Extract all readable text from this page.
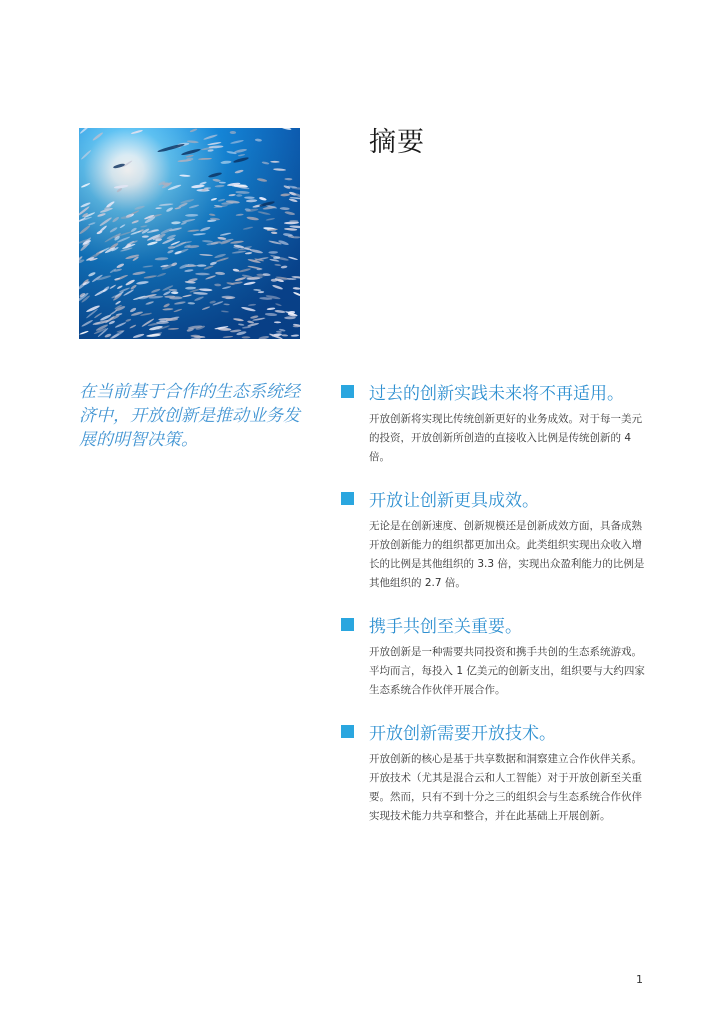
摘要

在当前基于合作的生态系统经济中，开放创新是推动业务发展的明智决策。

过去的创新实践未来将不再适用。

开放创新将实现比传统创新更好的业务成效。对于每一美元的投资，开放创新所创造的直接收入比例是传统创新的 4 倍。

开放让创新更具成效。

无论是在创新速度、创新规模还是创新成效方面，具备成熟开放创新能力的组织都更加出众。此类组织实现出众收入增长的比例是其他组织的 3.3 倍，实现出众盈利能力的比例是其他组织的 2.7 倍。

携手共创至关重要。

开放创新是一种需要共同投资和携手共创的生态系统游戏。平均而言，每投入 1 亿美元的创新支出，组织要与大约四家生态系统合作伙伴开展合作。

开放创新需要开放技术。

开放创新的核心是基于共享数据和洞察建立合作伙伴关系。开放技术（尤其是混合云和人工智能）对于开放创新至关重要。然而，只有不到十分之三的组织会与生态系统合作伙伴实现技术能力共享和整合，并在此基础上开展创新。

1
